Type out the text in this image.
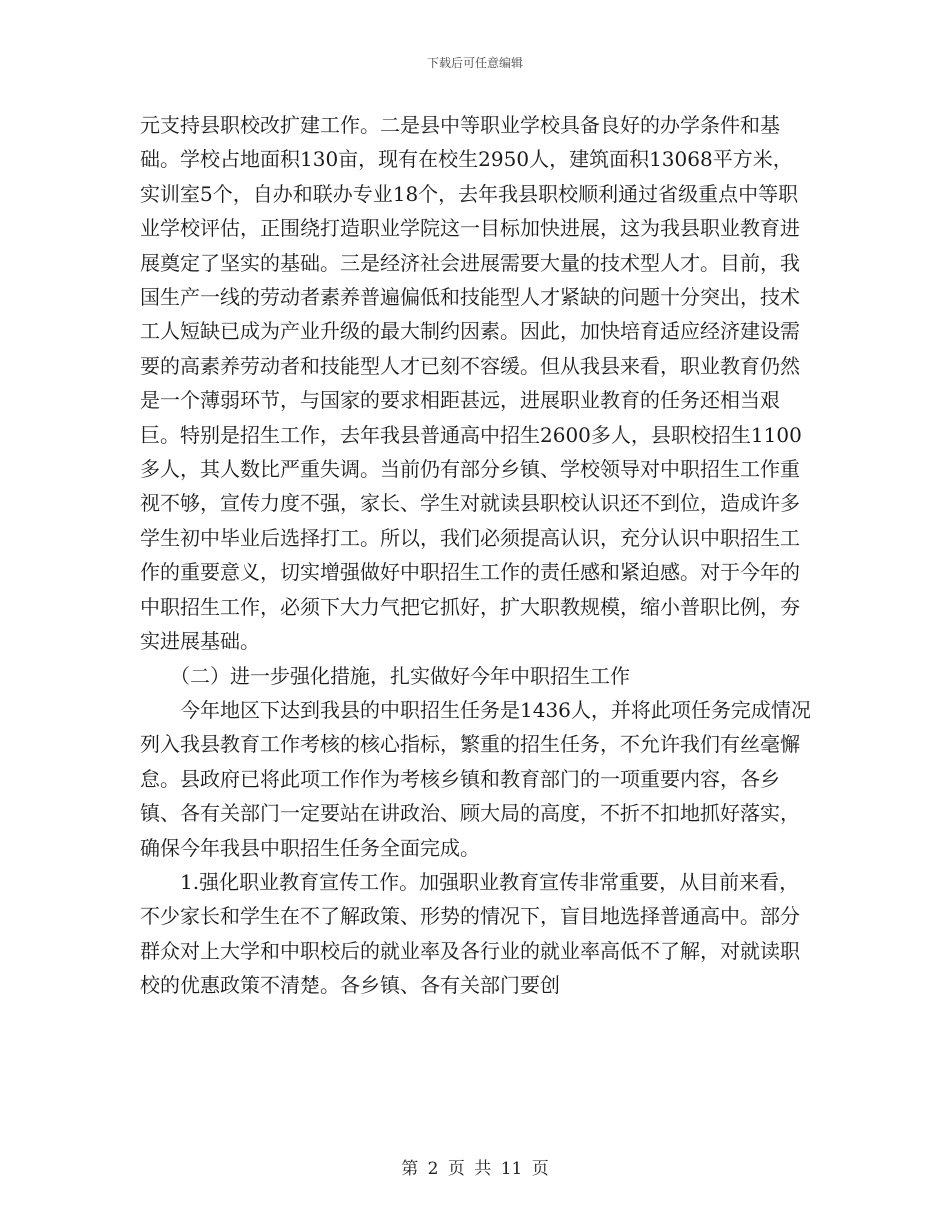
下载后可任意编辑

元支持县职校改扩建工作。二是县中等职业学校具备良好的办学条件和基础。学校占地面积130亩，现有在校生2950人，建筑面积13068平方米，实训室5个，自办和联办专业18个，去年我县职校顺利通过省级重点中等职业学校评估，正围绕打造职业学院这一目标加快进展，这为我县职业教育进展奠定了坚实的基础。三是经济社会进展需要大量的技术型人才。目前，我国生产一线的劳动者素养普遍偏低和技能型人才紧缺的问题十分突出，技术工人短缺已成为产业升级的最大制约因素。因此，加快培育适应经济建设需要的高素养劳动者和技能型人才已刻不容缓。但从我县来看，职业教育仍然是一个薄弱环节，与国家的要求相距甚远，进展职业教育的任务还相当艰巨。特别是招生工作，去年我县普通高中招生2600多人，县职校招生1100多人，其人数比严重失调。当前仍有部分乡镇、学校领导对中职招生工作重视不够，宣传力度不强，家长、学生对就读县职校认识还不到位，造成许多学生初中毕业后选择打工。所以，我们必须提高认识，充分认识中职招生工作的重要意义，切实增强做好中职招生工作的责任感和紧迫感。对于今年的中职招生工作，必须下大力气把它抓好，扩大职教规模，缩小普职比例，夯实进展基础。

（二）进一步强化措施，扎实做好今年中职招生工作

今年地区下达到我县的中职招生任务是1436人，并将此项任务完成情况列入我县教育工作考核的核心指标，繁重的招生任务，不允许我们有丝毫懈怠。县政府已将此项工作作为考核乡镇和教育部门的一项重要内容，各乡镇、各有关部门一定要站在讲政治、顾大局的高度，不折不扣地抓好落实，确保今年我县中职招生任务全面完成。

1.强化职业教育宣传工作。加强职业教育宣传非常重要，从目前来看，不少家长和学生在不了解政策、形势的情况下，盲目地选择普通高中。部分群众对上大学和中职校后的就业率及各行业的就业率高低不了解，对就读职校的优惠政策不清楚。各乡镇、各有关部门要创

第 2 页 共 11 页
